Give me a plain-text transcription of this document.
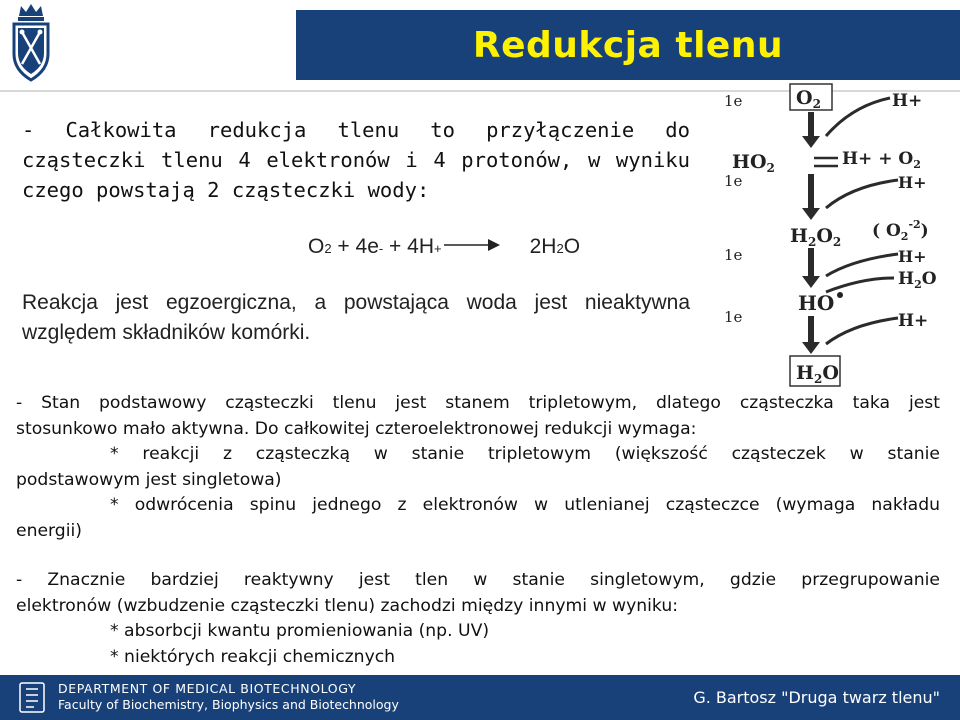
Redukcja tlenu
- Całkowita redukcja tlenu to przyłączenie do cząsteczki tlenu 4 elektronów i 4 protonów, w wyniku czego powstają 2 cząsteczki wody:
O 2 + 4e - + 4H + → 2H 2 O
Reakcja jest egzoergiczna, a powstająca woda jest nieaktywna względem składników komórki.
1e
1e
1e
1e
$O_2$
$HO_2$
$H_2O_2$
HO
$H_2O$
H+
$H+ + O_2$
H+
( $O_2^{-2}$)
H+
$H_2O$
H+
- Stan podstawowy cząsteczki tlenu jest stanem tripletowym, dlatego cząsteczka taka jest
stosunkowo mało aktywna. Do całkowitej czteroelektronowej redukcji wymaga:
* reakcji z cząsteczką w stanie tripletowym (większość cząsteczek w stanie
podstawowym jest singletowa)
* odwrócenia spinu jednego z elektronów w utlenianej cząsteczce (wymaga nakładu
energii)
- Znacznie bardziej reaktywny jest tlen w stanie singletowym, gdzie przegrupowanie
elektronów (wzbudzenie cząsteczki tlenu) zachodzi między innymi w wyniku:
* absorbcji kwantu promieniowania (np. UV)
* niektórych reakcji chemicznych
DEPARTMENT OF MEDICAL BIOTECHNOLOGY
Faculty of Biochemistry, Biophysics and Biotechnology	G. Bartosz "Druga twarz tlenu"
